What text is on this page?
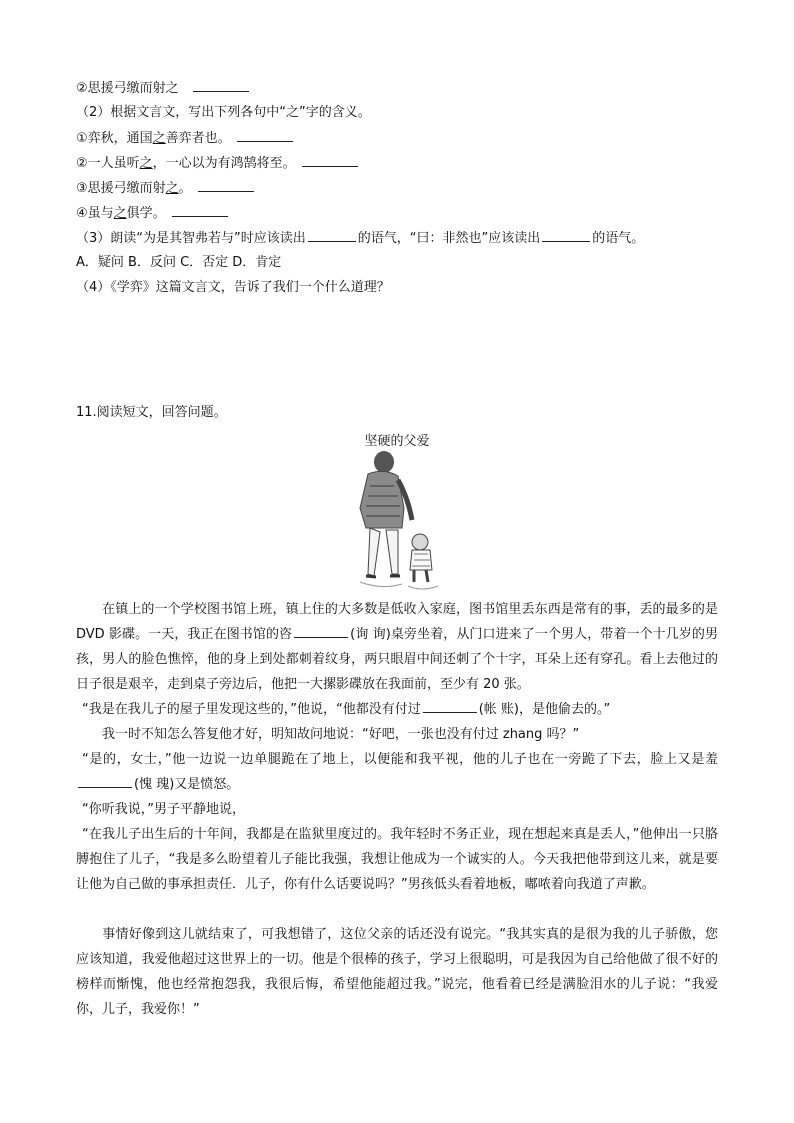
②思援弓缴而射之
（2）根据文言文，写出下列各句中“之”字的含义。
①弈秋，通国之善弈者也。
②一人虽听之，一心以为有鸿鹄将至。
③思援弓缴而射之。
④虽与之俱学。
（3）朗读“为是其智弗若与”时应该读出	的语气，“曰：非然也”应该读出	的语气。
A．疑问 B．反问 C．否定 D．肯定
（4）《学弈》这篇文言文，告诉了我们一个什么道理？
11.阅读短文，回答问题。
坚硬的父爱
在镇上的一个学校图书馆上班，镇上住的大多数是低收入家庭，图书馆里丢东西是常有的事，丢的最多的是 DVD 影碟。一天，我正在图书馆的咨	(询 询)桌旁坐着，从门口进来了一个男人，带着一个十几岁的男孩，男人的脸色憔悴，他的身上到处都刺着纹身，两只眼眉中间还刺了个十字，耳朵上还有穿孔。看上去他过的日子很是艰辛，走到桌子旁边后，他把一大摞影碟放在我面前，至少有 20 张。
“我是在我儿子的屋子里发现这些的，”他说，“他都没有付过	(帐 账)，是他偷去的。”
我一时不知怎么答复他才好，明知故问地说：“好吧，一张也没有付过 zhang 吗？”
“是的，女士，”他一边说一边单腿跪在了地上，以便能和我平视，他的儿子也在一旁跪了下去，脸上又是羞(愧 瑰)又是愤怒。
“你听我说，”男子平静地说，
“在我儿子出生后的十年间，我都是在监狱里度过的。我年轻时不务正业，现在想起来真是丢人，”他伸出一只胳膊抱住了儿子，“我是多么盼望着儿子能比我强，我想让他成为一个诚实的人。今天我把他带到这儿来，就是要让他为自己做的事承担责任．儿子，你有什么话要说吗？”男孩低头看着地板，嘟哝着向我道了声歉。
事情好像到这儿就结束了，可我想错了，这位父亲的话还没有说完。“我其实真的是很为我的儿子骄傲，您应该知道，我爱他超过这世界上的一切。他是个很棒的孩子，学习上很聪明，可是我因为自己给他做了很不好的榜样而惭愧，他也经常抱怨我，我很后悔，希望他能超过我。”说完，他看着已经是满脸泪水的儿子说：“我爱你，儿子，我爱你！”
